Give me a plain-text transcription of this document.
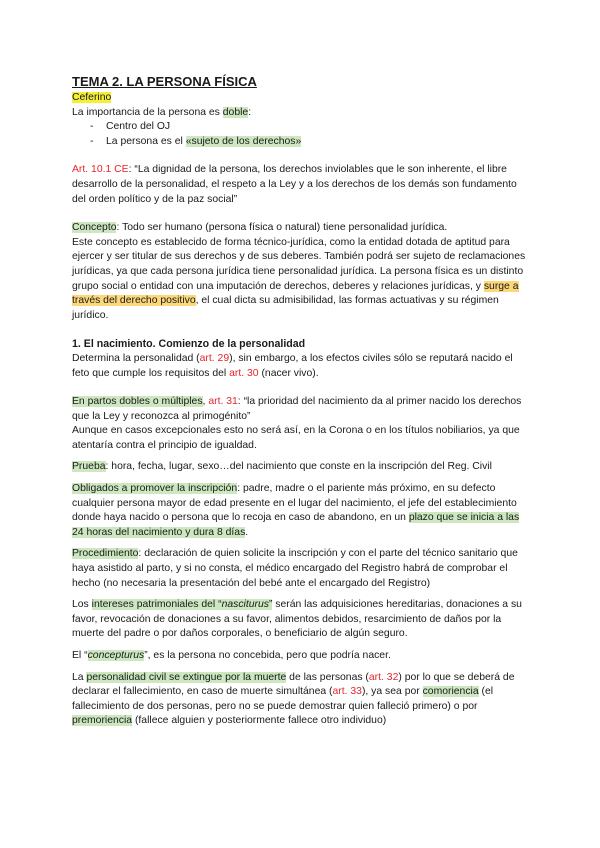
TEMA 2. LA PERSONA FÍSICA
Ceferino
La importancia de la persona es doble:
- Centro del OJ
- La persona es el «sujeto de los derechos»
Art. 10.1 CE: “La dignidad de la persona, los derechos inviolables que le son inherente, el libre desarrollo de la personalidad, el respeto a la Ley y a los derechos de los demás son fundamento del orden político y de la paz social”
Concepto: Todo ser humano (persona física o natural) tiene personalidad jurídica.
Este concepto es establecido de forma técnico-jurídica, como la entidad dotada de aptitud para ejercer y ser titular de sus derechos y de sus deberes. También podrá ser sujeto de reclamaciones jurídicas, ya que cada persona jurídica tiene personalidad jurídica. La persona física es un distinto grupo social o entidad con una imputación de derechos, deberes y relaciones jurídicas, y surge a través del derecho positivo, el cual dicta su admisibilidad, las formas actuativas y su régimen jurídico.
1. El nacimiento. Comienzo de la personalidad
Determina la personalidad (art. 29), sin embargo, a los efectos civiles sólo se reputará nacido el feto que cumple los requisitos del art. 30 (nacer vivo).
En partos dobles o múltiples, art. 31: “la prioridad del nacimiento da al primer nacido los derechos que la Ley y reconozca al primogénito”
Aunque en casos excepcionales esto no será así, en la Corona o en los títulos nobiliarios, ya que atentaría contra el principio de igualdad.
Prueba: hora, fecha, lugar, sexo…del nacimiento que conste en la inscripción del Reg. Civil
Obligados a promover la inscripción: padre, madre o el pariente más próximo, en su defecto cualquier persona mayor de edad presente en el lugar del nacimiento, el jefe del establecimiento donde haya nacido o persona que lo recoja en caso de abandono, en un plazo que se inicia a las 24 horas del nacimiento y dura 8 días.
Procedimiento: declaración de quien solicite la inscripción y con el parte del técnico sanitario que haya asistido al parto, y si no consta, el médico encargado del Registro habrá de comprobar el hecho (no necesaria la presentación del bebé ante el encargado del Registro)
Los intereses patrimoniales del “nasciturus” serán las adquisiciones hereditarias, donaciones a su favor, revocación de donaciones a su favor, alimentos debidos, resarcimiento de daños por la muerte del padre o por daños corporales, o beneficiario de algún seguro.
El “concepturus”, es la persona no concebida, pero que podría nacer.
La personalidad civil se extingue por la muerte de las personas (art. 32) por lo que se deberá de declarar el fallecimiento, en caso de muerte simultánea (art. 33), ya sea por comoriencia (el fallecimiento de dos personas, pero no se puede demostrar quien falleció primero) o por premoriencia (fallece alguien y posteriormente fallece otro individuo)
